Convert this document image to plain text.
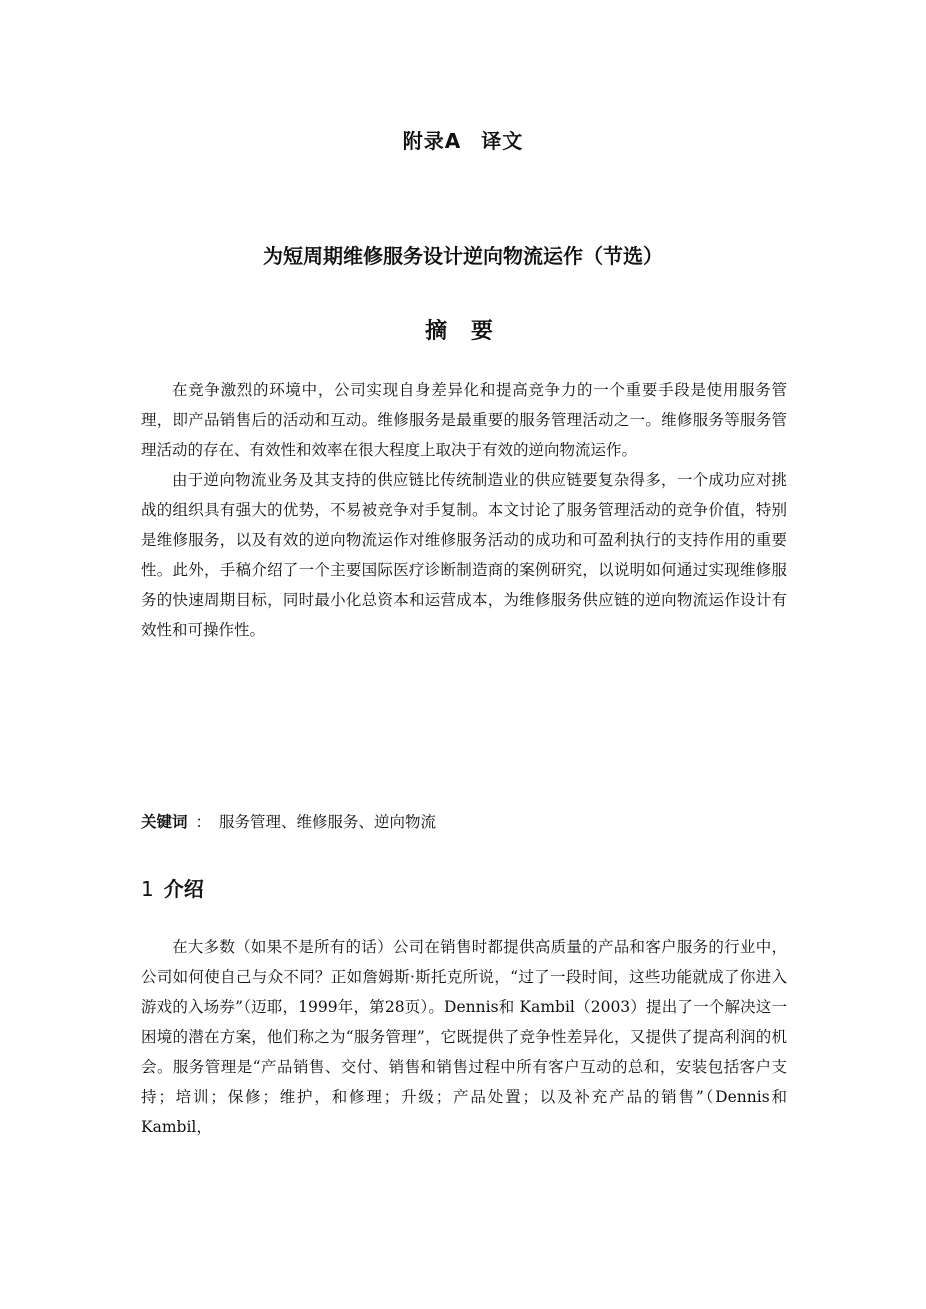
附录A 译文
为短周期维修服务设计逆向物流运作（节选）
摘 要

在竞争激烈的环境中，公司实现自身差异化和提高竞争力的一个重要手段是使用服务管理，即产品销售后的活动和互动。维修服务是最重要的服务管理活动之一。维修服务等服务管理活动的存在、有效性和效率在很大程度上取决于有效的逆向物流运作。

由于逆向物流业务及其支持的供应链比传统制造业的供应链要复杂得多，一个成功应对挑战的组织具有强大的优势，不易被竞争对手复制。本文讨论了服务管理活动的竞争价值，特别是维修服务，以及有效的逆向物流运作对维修服务活动的成功和可盈利执行的支持作用的重要性。此外，手稿介绍了一个主要国际医疗诊断制造商的案例研究，以说明如何通过实现维修服务的快速周期目标，同时最小化总资本和运营成本，为维修服务供应链的逆向物流运作设计有效性和可操作性。

关键词 ： 服务管理、维修服务、逆向物流
1 介绍

在大多数（如果不是所有的话）公司在销售时都提供高质量的产品和客户服务的行业中，公司如何使自己与众不同？正如詹姆斯·斯托克所说，“过了一段时间，这些功能就成了你进入游戏的入场券”（迈耶，1999年，第28页）。Dennis和 Kambil（2003）提出了一个解决这一困境的潜在方案，他们称之为“服务管理”，它既提供了竞争性差异化，又提供了提高利润的机会。服务管理是“产品销售、交付、销售和销售过程中所有客户互动的总和，安装包括客户支持；培训；保修；维护，和修理；升级；产品处置；以及补充产品的销售”（Dennis和Kambil，
